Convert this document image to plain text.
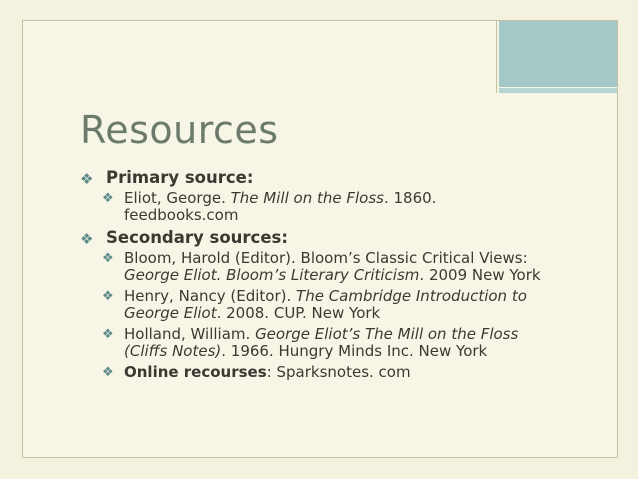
Resources
❖ Primary source:
❖ Eliot, George. The Mill on the Floss. 1860. feedbooks.com
❖ Secondary sources:
❖ Bloom, Harold (Editor). Bloom’s Classic Critical Views: George Eliot. Bloom’s Literary Criticism. 2009 New York
❖ Henry, Nancy (Editor). The Cambridge Introduction to George Eliot. 2008. CUP. New York
❖ Holland, William. George Eliot’s The Mill on the Floss (Cliffs Notes). 1966. Hungry Minds Inc. New York
❖ Online recourses: Sparksnotes. com
